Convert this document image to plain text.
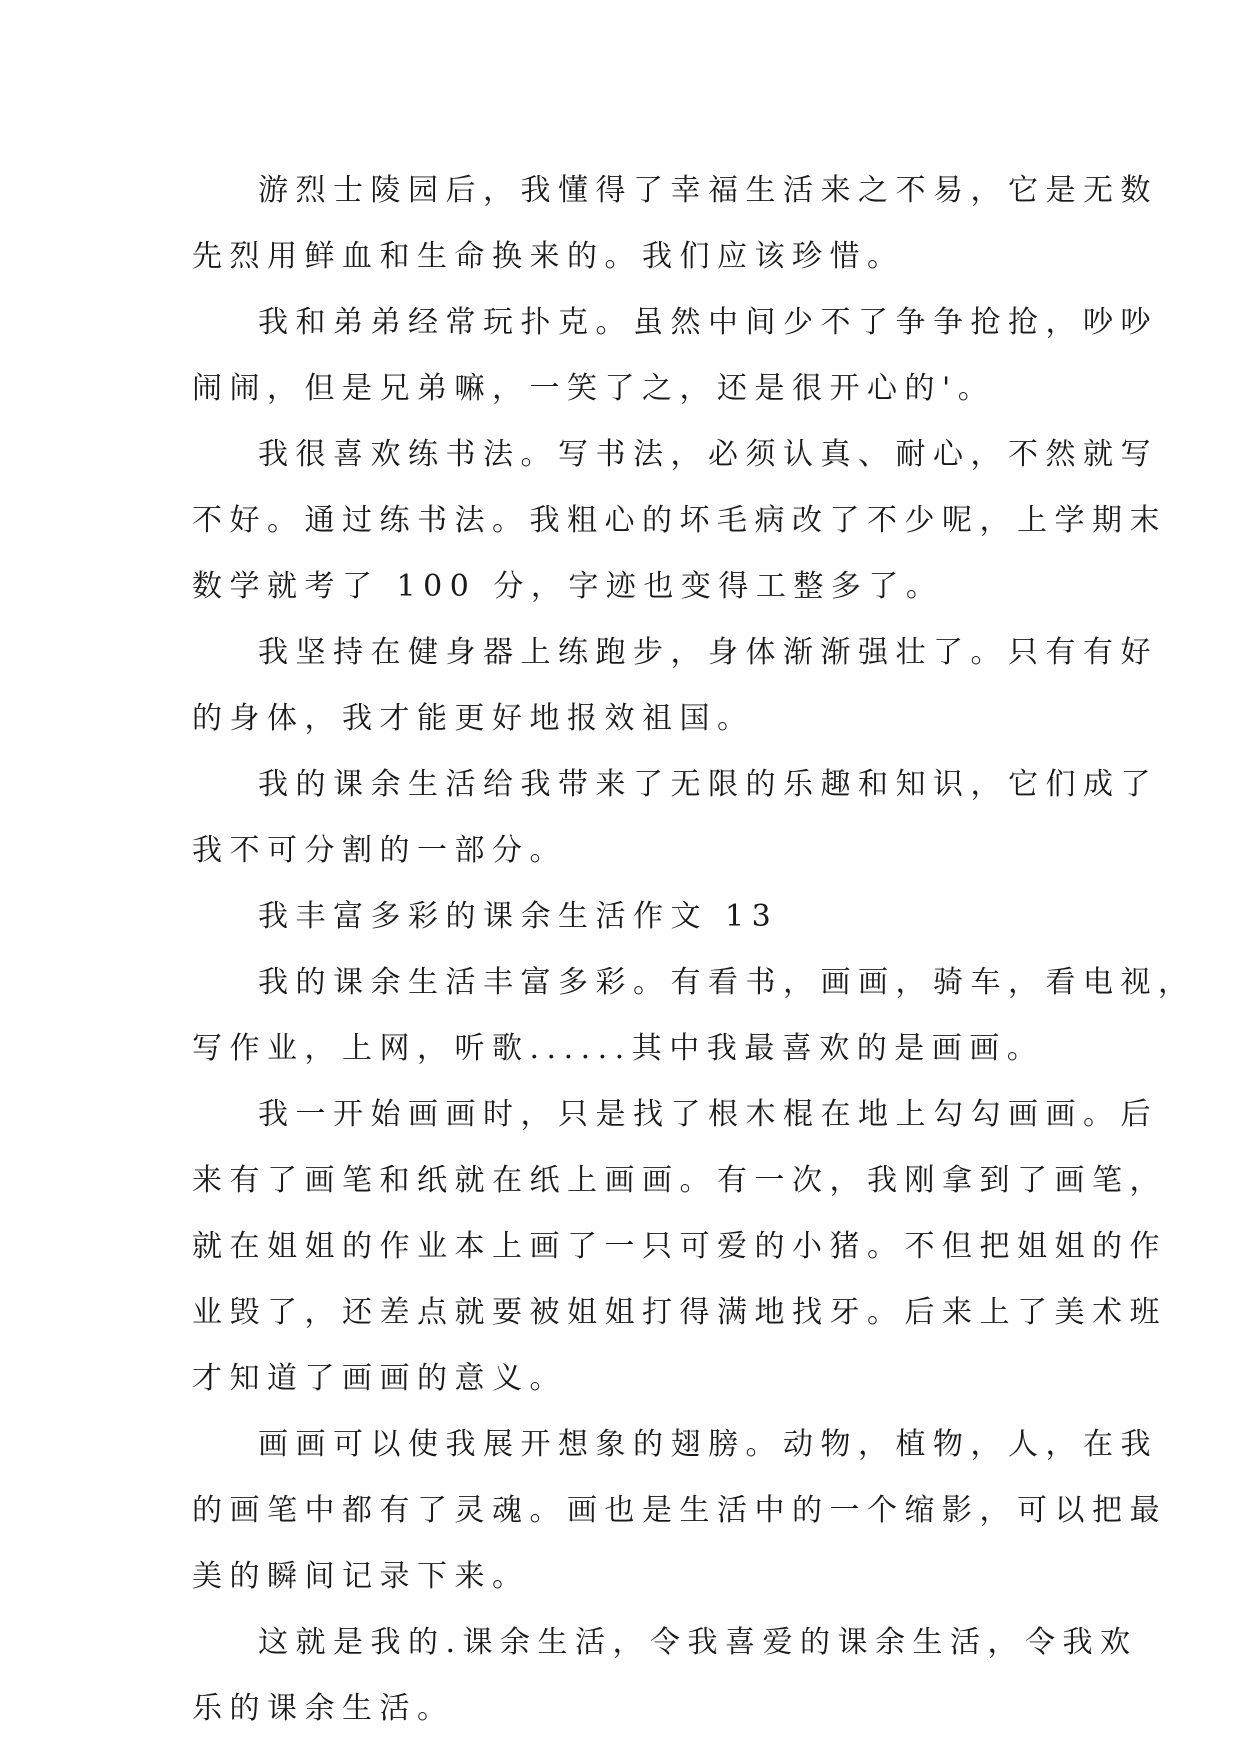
游烈士陵园后，我懂得了幸福生活来之不易，它是无数
先烈用鲜血和生命换来的。我们应该珍惜。
我和弟弟经常玩扑克。虽然中间少不了争争抢抢，吵吵
闹闹，但是兄弟嘛，一笑了之，还是很开心的'。
我很喜欢练书法。写书法，必须认真、耐心，不然就写
不好。通过练书法。我粗心的坏毛病改了不少呢，上学期末
数学就考了 100 分，字迹也变得工整多了。
我坚持在健身器上练跑步，身体渐渐强壮了。只有有好
的身体，我才能更好地报效祖国。
我的课余生活给我带来了无限的乐趣和知识，它们成了
我不可分割的一部分。
我丰富多彩的课余生活作文 13
我的课余生活丰富多彩。有看书，画画，骑车，看电视，
写作业，上网，听歌......其中我最喜欢的是画画。
我一开始画画时，只是找了根木棍在地上勾勾画画。后
来有了画笔和纸就在纸上画画。有一次，我刚拿到了画笔，
就在姐姐的作业本上画了一只可爱的小猪。不但把姐姐的作
业毁了，还差点就要被姐姐打得满地找牙。后来上了美术班
才知道了画画的意义。
画画可以使我展开想象的翅膀。动物，植物，人，在我
的画笔中都有了灵魂。画也是生活中的一个缩影，可以把最
美的瞬间记录下来。
这就是我的.课余生活，令我喜爱的课余生活，令我欢
乐的课余生活。
